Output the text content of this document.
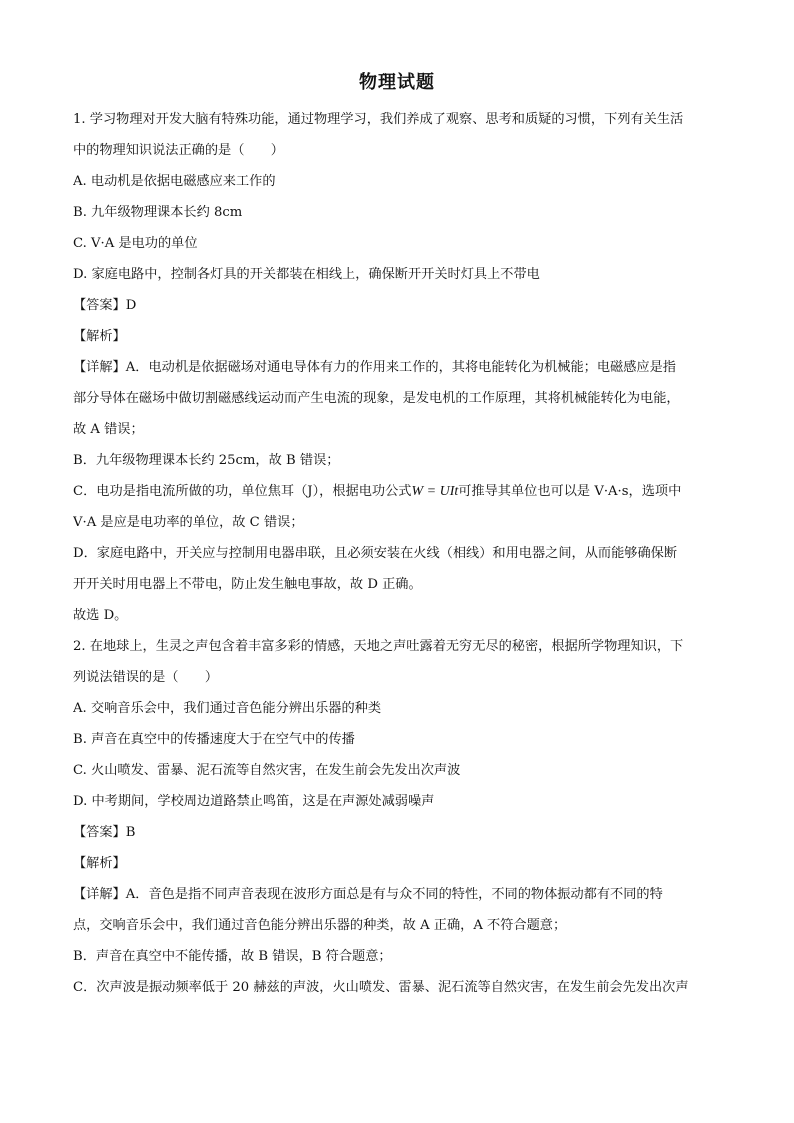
物理试题
1. 学习物理对开发大脑有特殊功能，通过物理学习，我们养成了观察、思考和质疑的习惯，下列有关生活
中的物理知识说法正确的是（　　）
A. 电动机是依据电磁感应来工作的
B. 九年级物理课本长约 8cm
C. V·A 是电功的单位
D. 家庭电路中，控制各灯具的开关都装在相线上，确保断开开关时灯具上不带电
【答案】D
【解析】
【详解】A．电动机是依据磁场对通电导体有力的作用来工作的，其将电能转化为机械能；电磁感应是指
部分导体在磁场中做切割磁感线运动而产生电流的现象，是发电机的工作原理，其将机械能转化为电能，
故 A 错误；
B．九年级物理课本长约 25cm，故 B 错误；
C．电功是指电流所做的功，单位焦耳（J），根据电功公式W = UIt可推导其单位也可以是 V·A·s，选项中
V·A 是应是电功率的单位，故 C 错误；
D．家庭电路中，开关应与控制用电器串联，且必须安装在火线（相线）和用电器之间，从而能够确保断
开开关时用电器上不带电，防止发生触电事故，故 D 正确。
故选 D。
2. 在地球上，生灵之声包含着丰富多彩的情感，天地之声吐露着无穷无尽的秘密，根据所学物理知识，下
列说法错误的是（　　）
A. 交响音乐会中，我们通过音色能分辨出乐器的种类
B. 声音在真空中的传播速度大于在空气中的传播
C. 火山喷发、雷暴、泥石流等自然灾害，在发生前会先发出次声波
D. 中考期间，学校周边道路禁止鸣笛，这是在声源处减弱噪声
【答案】B
【解析】
【详解】A．音色是指不同声音表现在波形方面总是有与众不同的特性，不同的物体振动都有不同的特
点，交响音乐会中，我们通过音色能分辨出乐器的种类，故 A 正确，A 不符合题意；
B．声音在真空中不能传播，故 B 错误，B 符合题意；
C．次声波是振动频率低于 20 赫兹的声波，火山喷发、雷暴、泥石流等自然灾害，在发生前会先发出次声
